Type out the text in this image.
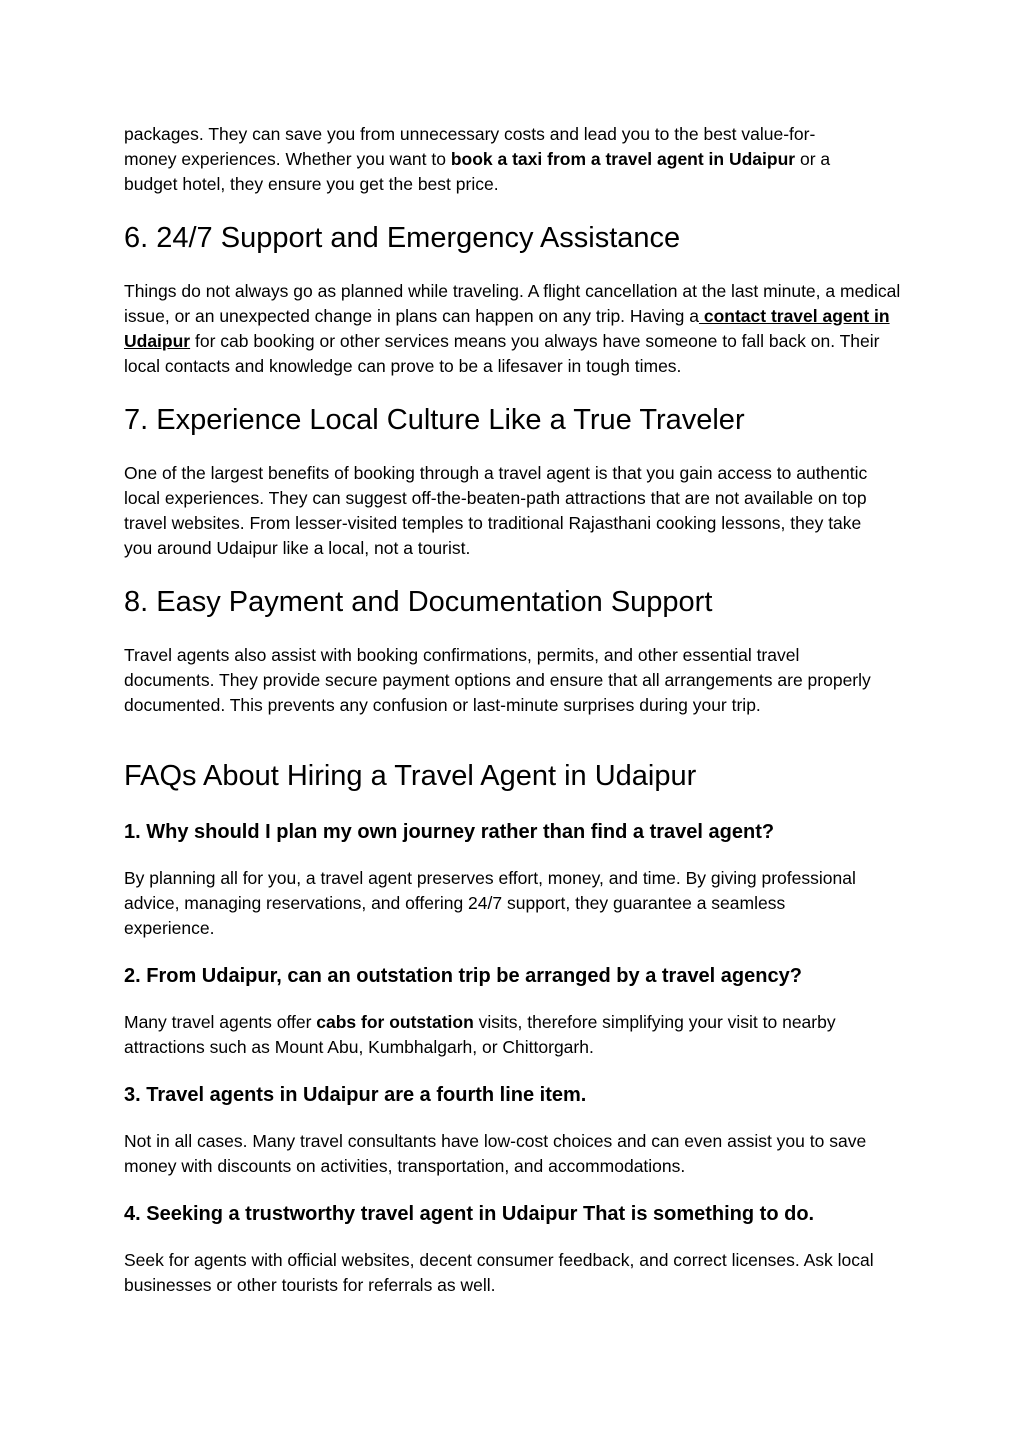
packages. They can save you from unnecessary costs and lead you to the best value-for-money experiences. Whether you want to book a taxi from a travel agent in Udaipur or a budget hotel, they ensure you get the best price.

6. 24/7 Support and Emergency Assistance

Things do not always go as planned while traveling. A flight cancellation at the last minute, a medical issue, or an unexpected change in plans can happen on any trip. Having a contact travel agent in Udaipur for cab booking or other services means you always have someone to fall back on. Their local contacts and knowledge can prove to be a lifesaver in tough times.

7. Experience Local Culture Like a True Traveler

One of the largest benefits of booking through a travel agent is that you gain access to authentic local experiences. They can suggest off-the-beaten-path attractions that are not available on top travel websites. From lesser-visited temples to traditional Rajasthani cooking lessons, they take you around Udaipur like a local, not a tourist.

8. Easy Payment and Documentation Support

Travel agents also assist with booking confirmations, permits, and other essential travel documents. They provide secure payment options and ensure that all arrangements are properly documented. This prevents any confusion or last-minute surprises during your trip.

FAQs About Hiring a Travel Agent in Udaipur
1. Why should I plan my own journey rather than find a travel agent?

By planning all for you, a travel agent preserves effort, money, and time. By giving professional advice, managing reservations, and offering 24/7 support, they guarantee a seamless experience.

2. From Udaipur, can an outstation trip be arranged by a travel agency?

Many travel agents offer cabs for outstation visits, therefore simplifying your visit to nearby attractions such as Mount Abu, Kumbhalgarh, or Chittorgarh.

3. Travel agents in Udaipur are a fourth line item.

Not in all cases. Many travel consultants have low-cost choices and can even assist you to save money with discounts on activities, transportation, and accommodations.

4. Seeking a trustworthy travel agent in Udaipur That is something to do.

Seek for agents with official websites, decent consumer feedback, and correct licenses. Ask local businesses or other tourists for referrals as well.
